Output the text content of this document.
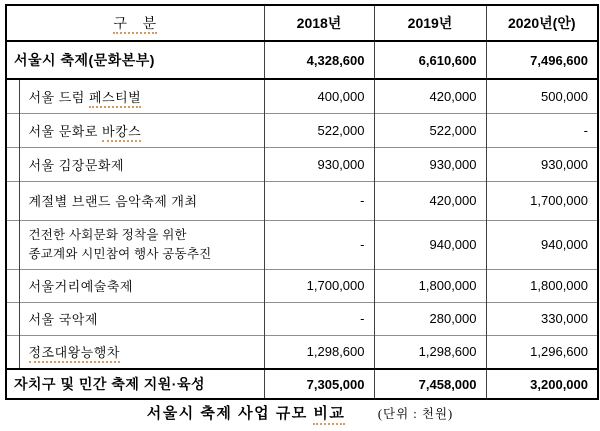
구   분		2018년	2019년	2020년(안)
서울시 축제(문화본부)		4,328,600	6,610,600	7,496,600
	서울 드럼 페스티벌	400,000	420,000	500,000
	서울 문화로 바캉스	522,000	522,000	-
	서울 김장문화제	930,000	930,000	930,000
	계절별 브랜드 음악축제 개최	-	420,000	1,700,000
	건전한 사회문화 정착을 위한
종교계와 시민참여 행사 공동추진	-	940,000	940,000
	서울거리예술축제	1,700,000	1,800,000	1,800,000
	서울 국악제	-	280,000	330,000
	정조대왕능행차	1,298,600	1,298,600	1,296,600
자치구 및 민간 축제 지원·육성		7,305,000	7,458,000	3,200,000
서울시 축제 사업 규모 비교	(단위 : 천원)
